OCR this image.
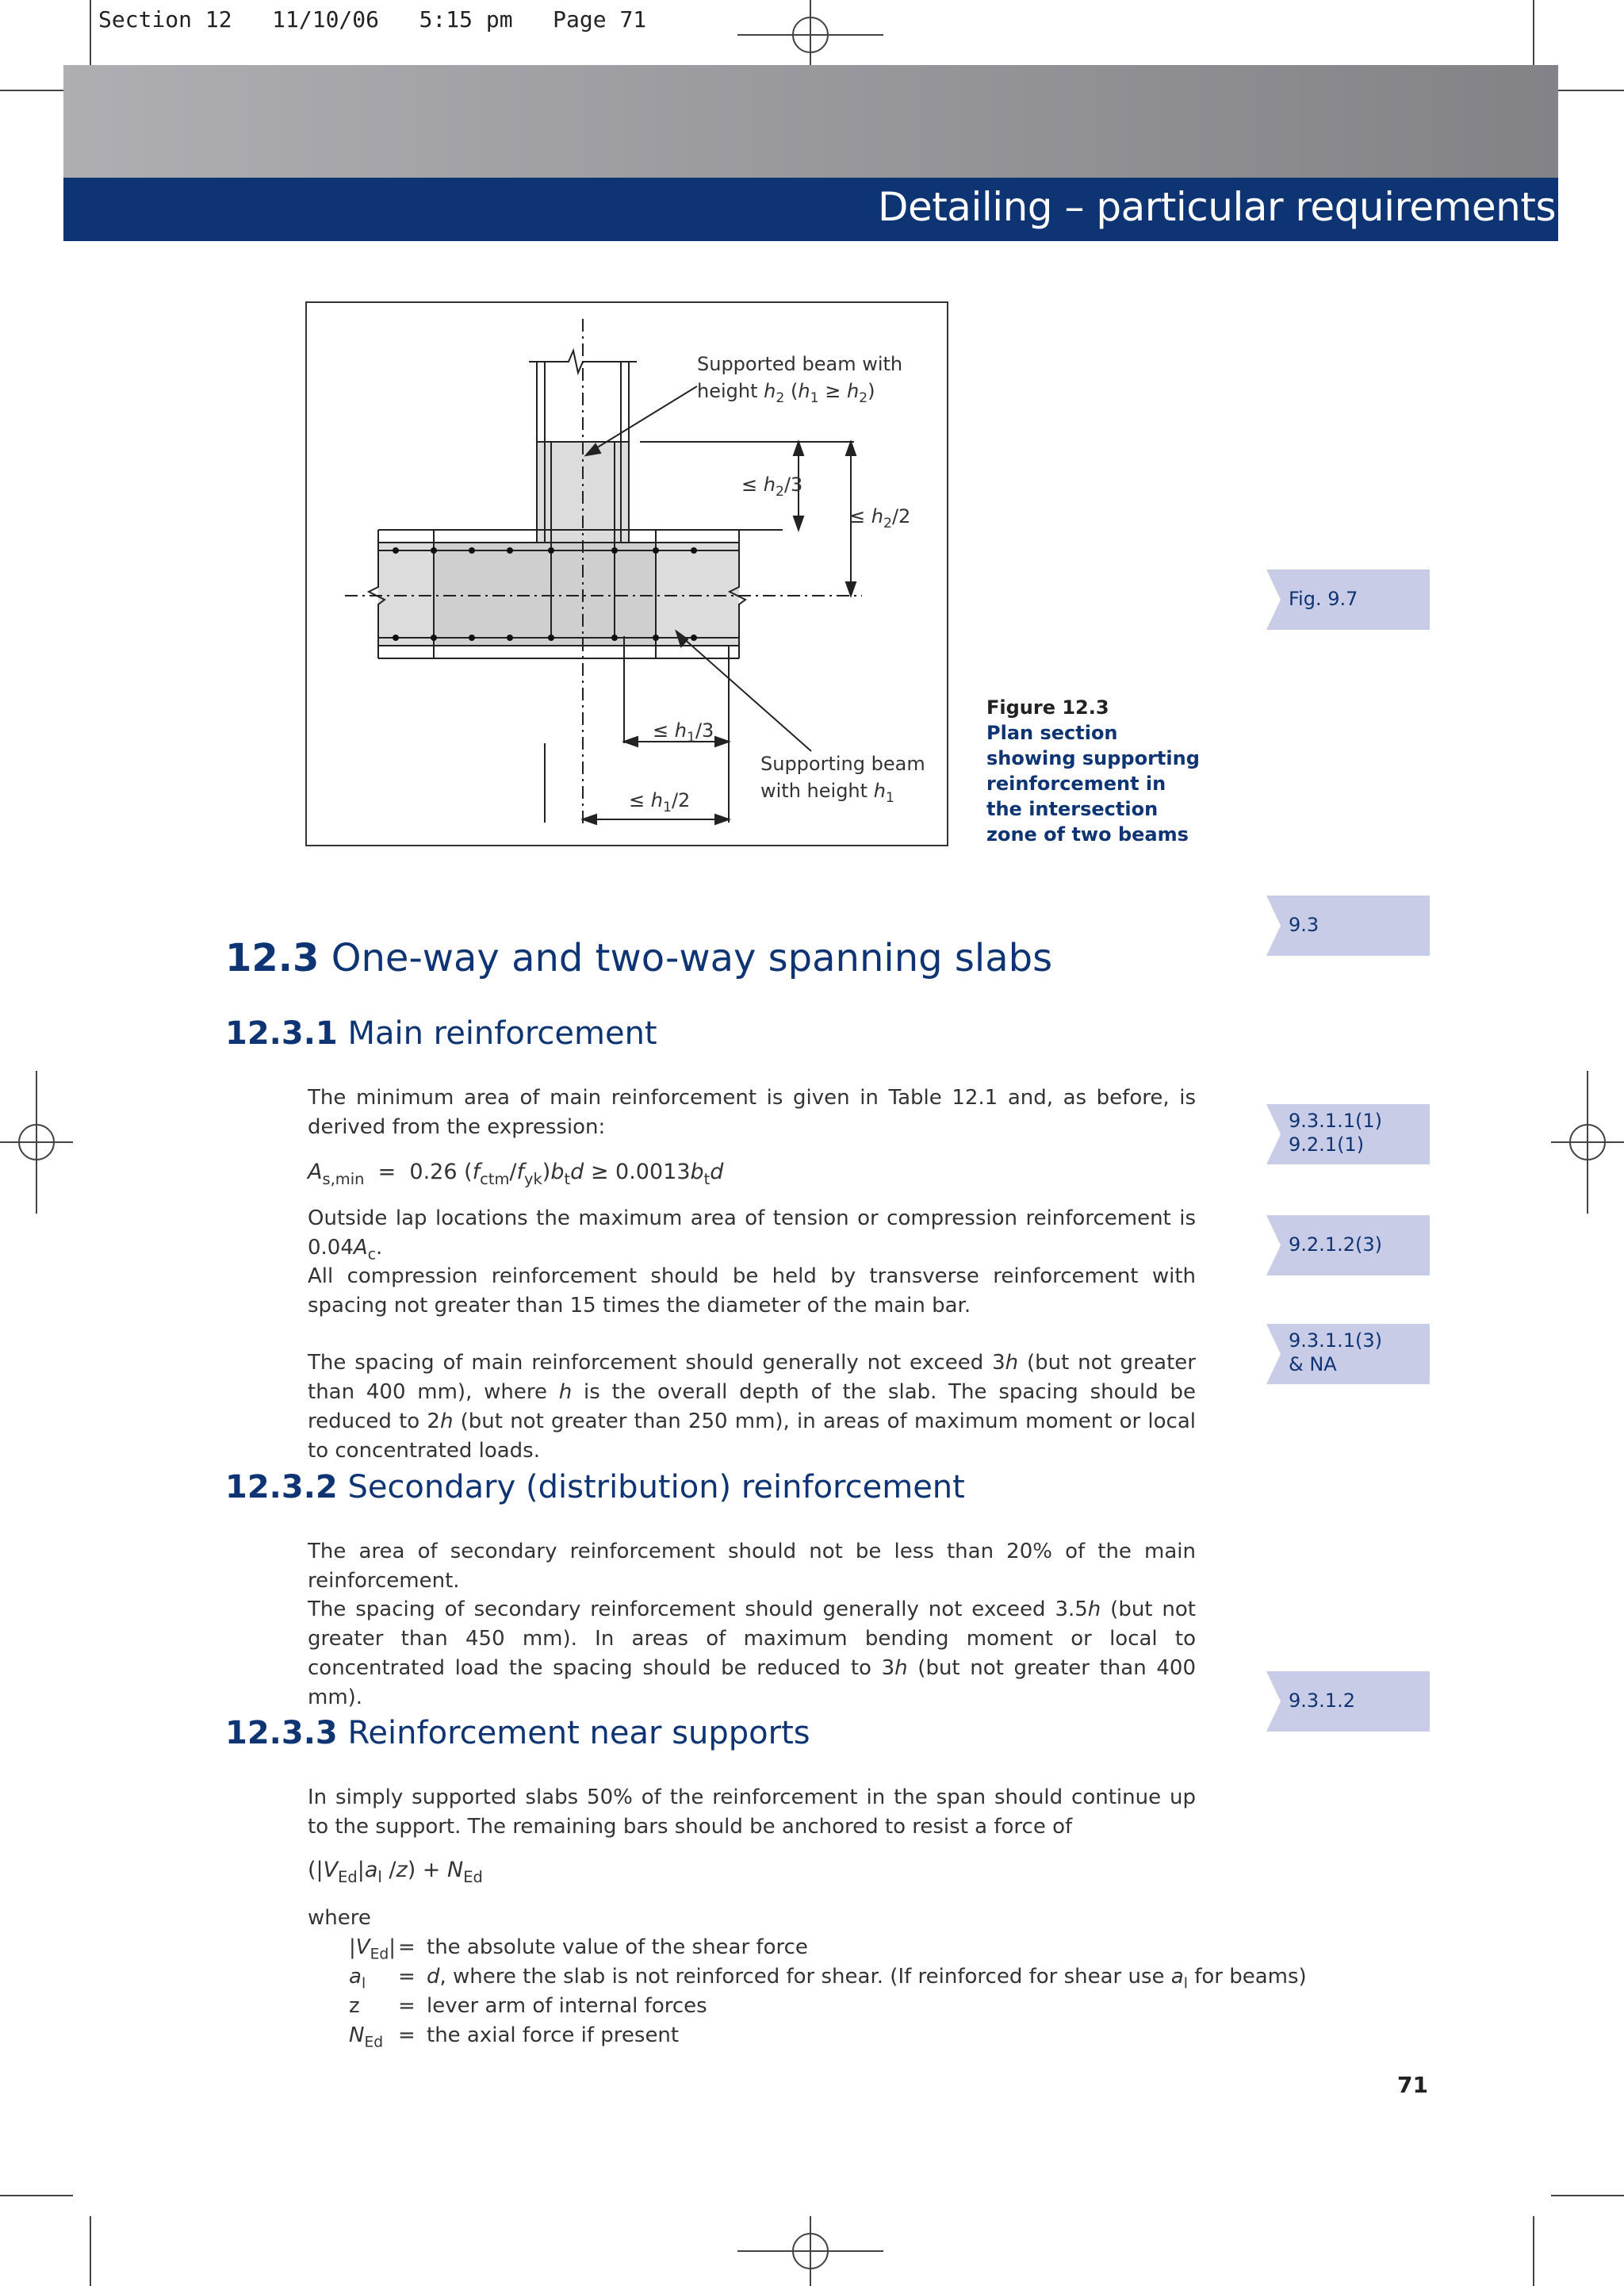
Section 12   11/10/06   5:15 pm   Page 71
Detailing – particular requirements
Supported beam with
height $h_2$ $(h_1 \ge h_2)$
≤ $h_2/3$
≤ $h_2/2$
≤ $h_1/3$
≤ $h_1/2$
Supporting beam
with height $h_1$
Figure 12.3
Plan section showing supporting reinforcement in the intersection zone of two beams
Fig. 9.7
9.3
9.3.1.1(1)
9.2.1(1)
9.2.1.2(3)
9.3.1.1(3)
& NA
9.3.1.2
12.3 One-way and two-way spanning slabs
12.3.1 Main reinforcement
The minimum area of main reinforcement is given in Table 12.1 and, as before, is derived from the expression:
$A_{s,min} = 0.26$ $(f_{ctm}/f_{yk})b_td \ge 0.0013b_td$
Outside lap locations the maximum area of tension or compression reinforcement is $0.04A_c$.
All compression reinforcement should be held by transverse reinforcement with spacing not greater than 15 times the diameter of the main bar.
The spacing of main reinforcement should generally not exceed 3h (but not greater than 400 mm), where h is the overall depth of the slab. The spacing should be reduced to 2h (but not greater than 250 mm), in areas of maximum moment or local to concentrated loads.
12.3.2 Secondary (distribution) reinforcement
The area of secondary reinforcement should not be less than 20% of the main reinforcement.
The spacing of secondary reinforcement should generally not exceed 3.5h (but not greater than 450 mm). In areas of maximum bending moment or local to concentrated load the spacing should be reduced to 3h (but not greater than 400 mm).
12.3.3 Reinforcement near supports
In simply supported slabs 50% of the reinforcement in the span should continue up to the support. The remaining bars should be anchored to resist a force of
($|V_{Ed}|a_l$ $/z) + N_{Ed}$
where
$|V_{Ed}|$	=	the absolute value of the shear force
$a_l$	=	d, where the slab is not reinforced for shear. (If reinforced for shear use $a_l$ for beams)
z	=	lever arm of internal forces
$N_{Ed}$	=	the axial force if present
71
